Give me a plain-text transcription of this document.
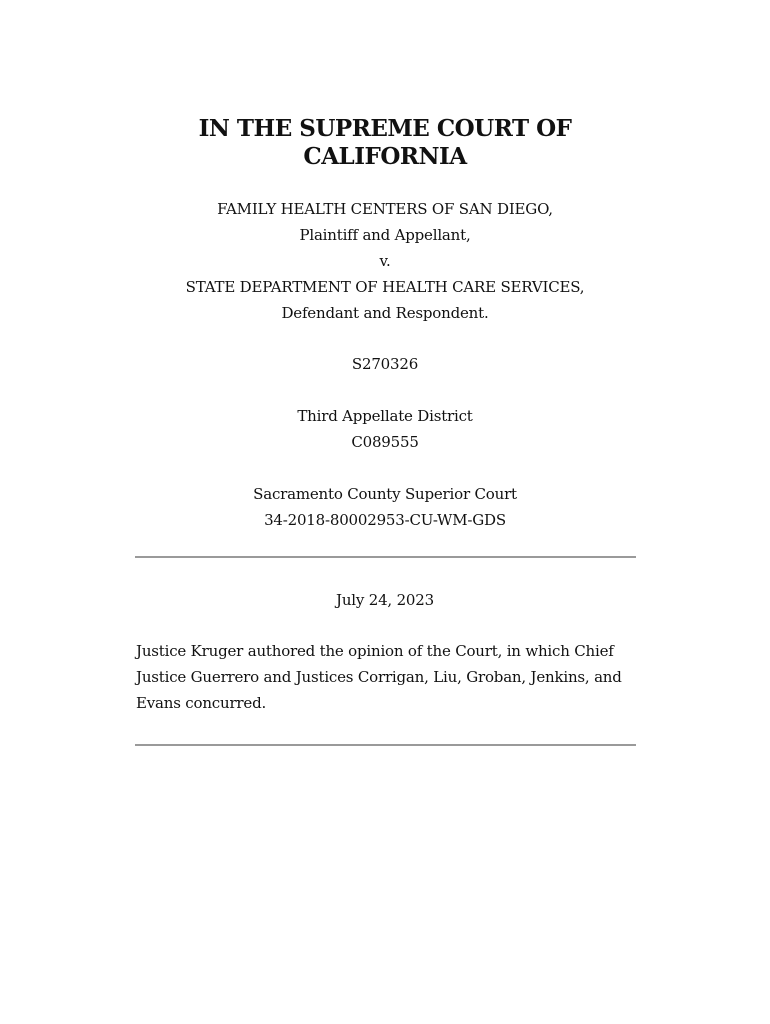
IN THE SUPREME COURT OF
CALIFORNIA
FAMILY HEALTH CENTERS OF SAN DIEGO,
Plaintiff and Appellant,
v.
STATE DEPARTMENT OF HEALTH CARE SERVICES,
Defendant and Respondent.
S270326
Third Appellate District
C089555
Sacramento County Superior Court
34-2018-80002953-CU-WM-GDS
July 24, 2023
Justice Kruger authored the opinion of the Court, in which Chief Justice Guerrero and Justices Corrigan, Liu, Groban, Jenkins, and Evans concurred.
